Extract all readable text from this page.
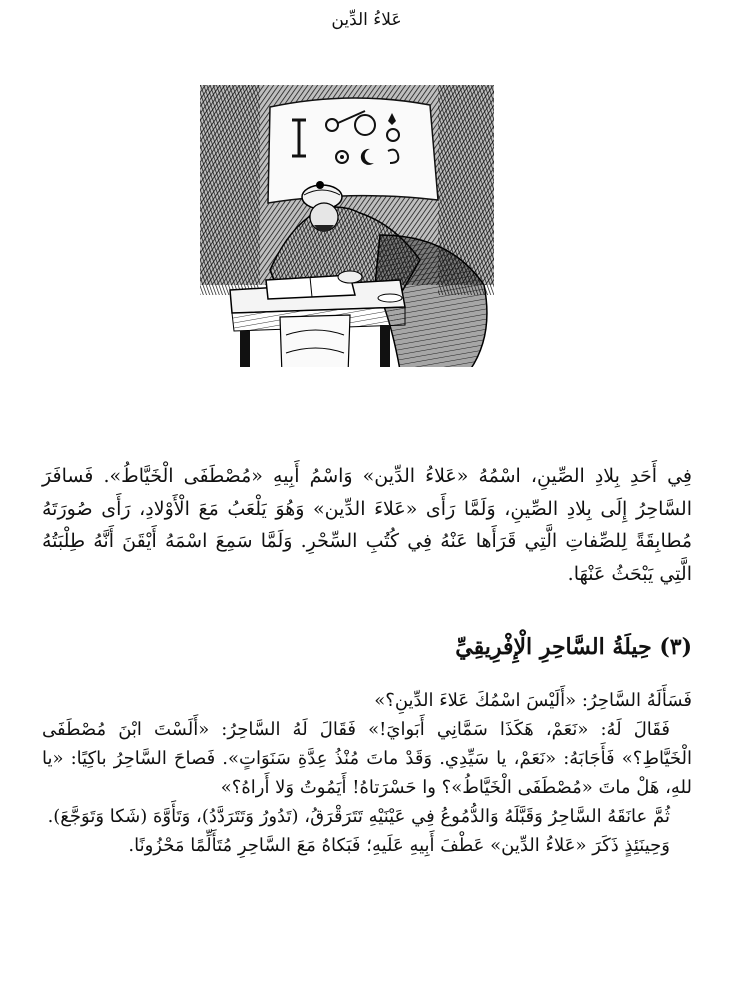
عَلاءُ الدِّين
فِي أَحَدِ بِلادِ الصِّينِ، اسْمُهُ «عَلاءُ الدِّين» وَاسْمُ أَبِيهِ «مُصْطَفَى الْخَيَّاطُ». فَسافَرَ السَّاحِرُ إِلَى بِلادِ الصِّينِ، وَلَمَّا رَأَى «عَلاءَ الدِّين» وَهُوَ يَلْعَبُ مَعَ الْأَوْلادِ، رَأَى صُورَتَهُ مُطابِقَةً لِلصِّفاتِ الَّتِي قَرَأَها عَنْهُ فِي كُتُبِ السِّحْرِ. وَلَمَّا سَمِعَ اسْمَهُ أَيْقَنَ أَنَّهُ طِلْبَتُهُ الَّتِي يَبْحَثُ عَنْهَا.
(٣) حِيلَةُ السَّاحِرِ الْإِفْرِيقِيِّ

فَسَأَلَهُ السَّاحِرُ: «أَلَيْسَ اسْمُكَ عَلاءَ الدِّينِ؟»

فَقَالَ لَهُ: «نَعَمْ، هَكَذَا سَمَّانِي أَبَوايَ!» فَقَالَ لَهُ السَّاحِرُ: «أَلَسْتَ ابْنَ مُصْطَفَى الْخَيَّاطِ؟» فَأَجَابَهُ: «نَعَمْ، يا سَيِّدِي. وَقَدْ ماتَ مُنْذُ عِدَّةِ سَنَوَاتٍ». فَصاحَ السَّاحِرُ باكِيًا: «يا للهِ، هَلْ ماتَ «مُصْطَفَى الْخَيَّاطُ»؟ وا حَسْرَتاهُ! أَيَمُوتُ وَلا أَراهُ؟»

ثُمَّ عانَقَهُ السَّاحِرُ وَقَبَّلَهُ وَالدُّمُوعُ فِي عَيْنَيْهِ تَتَرَقْرَقُ، (تَدُورُ وَتَتَرَدَّدُ)، وَتَأَوَّهَ (شَكا وَتَوَجَّعَ).

وَحِينَئِذٍ ذَكَرَ «عَلاءُ الدِّين» عَطْفَ أَبِيهِ عَلَيهِ؛ فَبَكاهُ مَعَ السَّاحِرِ مُتَأَلِّمًا مَحْزُونًا.
